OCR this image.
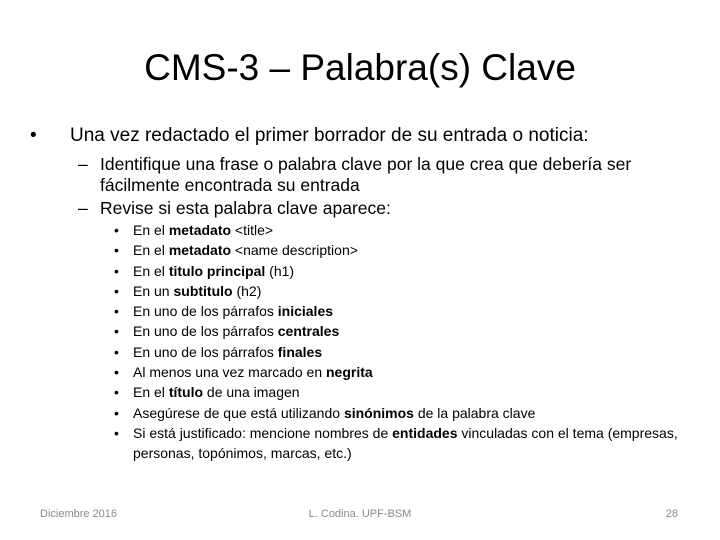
CMS-3 – Palabra(s) Clave
• Una vez redactado el primer borrador de su entrada o noticia:
– Identifique una frase o palabra clave por la que crea que debería ser fácilmente encontrada su entrada
– Revise si esta palabra clave aparece:
• En el metadato <title>
• En el metadato <name description>
• En el titulo principal (h1)
• En un subtitulo (h2)
• En uno de los párrafos iniciales
• En uno de los párrafos centrales
• En uno de los párrafos finales
• Al menos una vez marcado en negrita
• En el título de una imagen
• Asegúrese de que está utilizando sinónimos de la palabra clave
• Si está justificado: mencione nombres de entidades vinculadas con el tema (empresas, personas, topónimos, marcas, etc.)
Diciembre 2016	L. Codina. UPF-BSM	28
